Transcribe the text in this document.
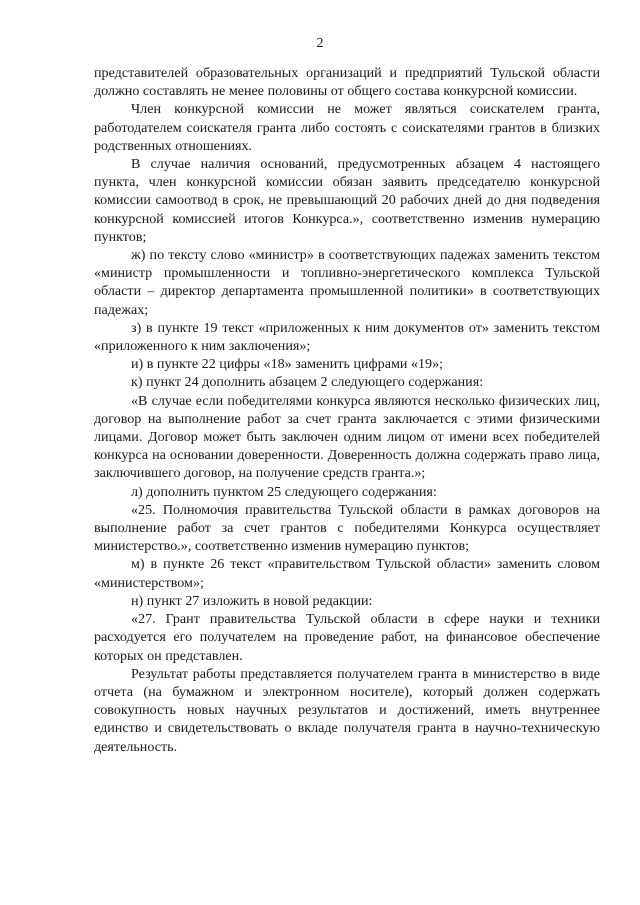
2

представителей образовательных организаций и предприятий Тульской области должно составлять не менее половины от общего состава конкурсной комиссии.

Член конкурсной комиссии не может являться соискателем гранта, работодателем соискателя гранта либо состоять с соискателями грантов в близких родственных отношениях.

В случае наличия оснований, предусмотренных абзацем 4 настоящего пункта, член конкурсной комиссии обязан заявить председателю конкурсной комиссии самоотвод в срок, не превышающий 20 рабочих дней до дня подведения конкурсной комиссией итогов Конкурса.», соответственно изменив нумерацию пунктов;

ж) по тексту слово «министр» в соответствующих падежах заменить текстом «министр промышленности и топливно-энергетического комплекса Тульской области – директор департамента промышленной политики» в соответствующих падежах;

з) в пункте 19 текст «приложенных к ним документов от» заменить текстом «приложенного к ним заключения»;

и) в пункте 22 цифры «18» заменить цифрами «19»;

к) пункт 24 дополнить абзацем 2 следующего содержания:

«В случае если победителями конкурса являются несколько физических лиц, договор на выполнение работ за счет гранта заключается с этими физическими лицами. Договор может быть заключен одним лицом от имени всех победителей конкурса на основании доверенности. Доверенность должна содержать право лица, заключившего договор, на получение средств гранта.»;

л) дополнить пунктом 25 следующего содержания:

«25. Полномочия правительства Тульской области в рамках договоров на выполнение работ за счет грантов с победителями Конкурса осуществляет министерство.», соответственно изменив нумерацию пунктов;

м) в пункте 26 текст «правительством Тульской области» заменить словом «министерством»;

н) пункт 27 изложить в новой редакции:

«27. Грант правительства Тульской области в сфере науки и техники расходуется его получателем на проведение работ, на финансовое обеспечение которых он представлен.

Результат работы представляется получателем гранта в министерство в виде отчета (на бумажном и электронном носителе), который должен содержать совокупность новых научных результатов и достижений, иметь внутреннее единство и свидетельствовать о вкладе получателя гранта в научно-техническую деятельность.
